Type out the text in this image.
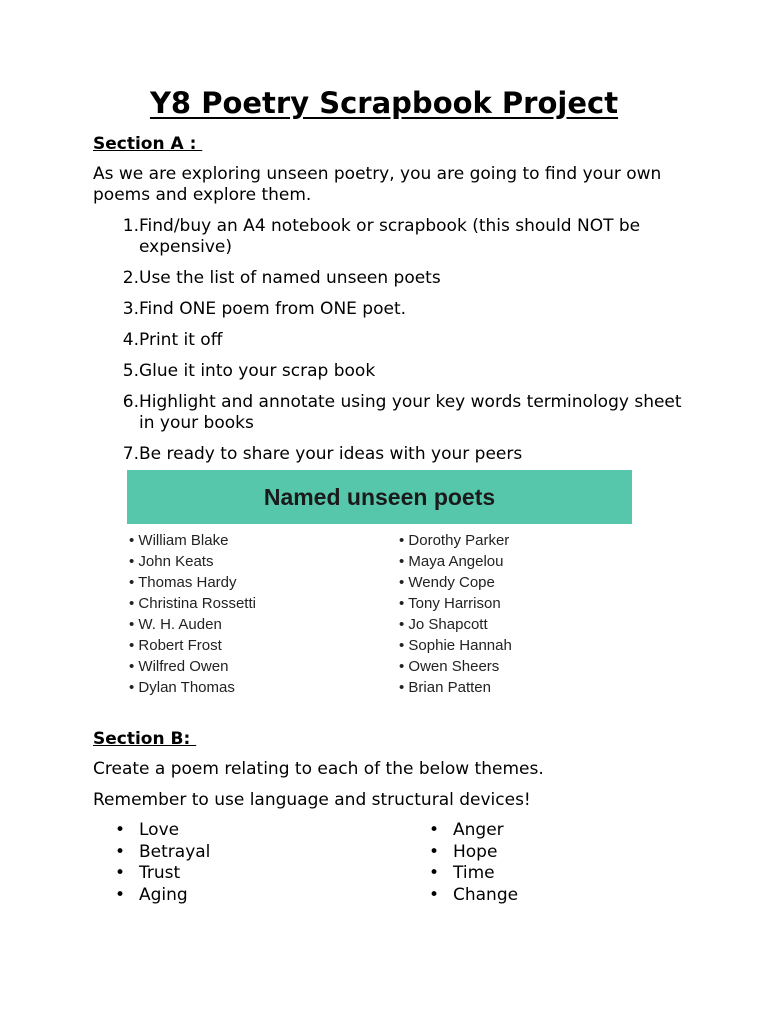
Y8 Poetry Scrapbook Project
Section A :
As we are exploring unseen poetry, you are going to find your own poems and explore them.
1. Find/buy an A4 notebook or scrapbook (this should NOT be expensive)
2. Use the list of named unseen poets
3. Find ONE poem from ONE poet.
4. Print it off
5. Glue it into your scrap book
6. Highlight and annotate using your key words terminology sheet in your books
7. Be ready to share your ideas with your peers
Named unseen poets
• William Blake
• John Keats
• Thomas Hardy
• Christina Rossetti
• W. H. Auden
• Robert Frost
• Wilfred Owen
• Dylan Thomas
• Dorothy Parker
• Maya Angelou
• Wendy Cope
• Tony Harrison
• Jo Shapcott
• Sophie Hannah
• Owen Sheers
• Brian Patten
Section B:
Create a poem relating to each of the below themes.
Remember to use language and structural devices!
• Love
• Betrayal
• Trust
• Aging
• Anger
• Hope
• Time
• Change
